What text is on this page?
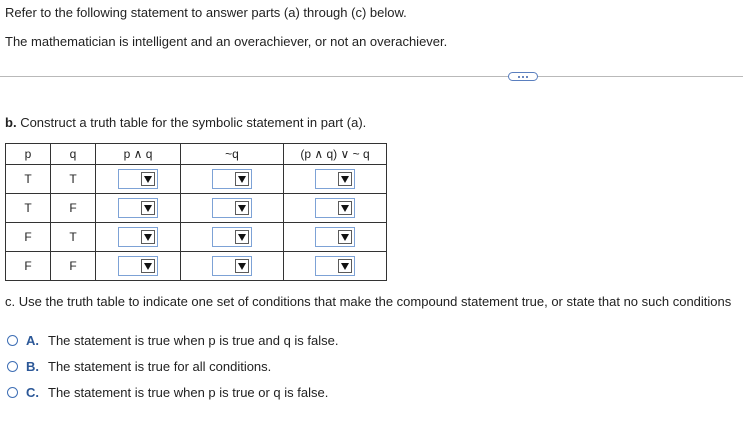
Refer to the following statement to answer parts (a) through (c) below.
The mathematician is intelligent and an overachiever, or not an overachiever.
b. Construct a truth table for the symbolic statement in part (a).
p	q	p ∧ q	~q	(p ∧ q) ∨ ~ q
T	T	

T	F	

F	T	

F	F	

c. Use the truth table to indicate one set of conditions that make the compound statement true, or state that no such conditions
A. The statement is true when p is true and q is false.
B. The statement is true for all conditions.
C. The statement is true when p is true or q is false.
